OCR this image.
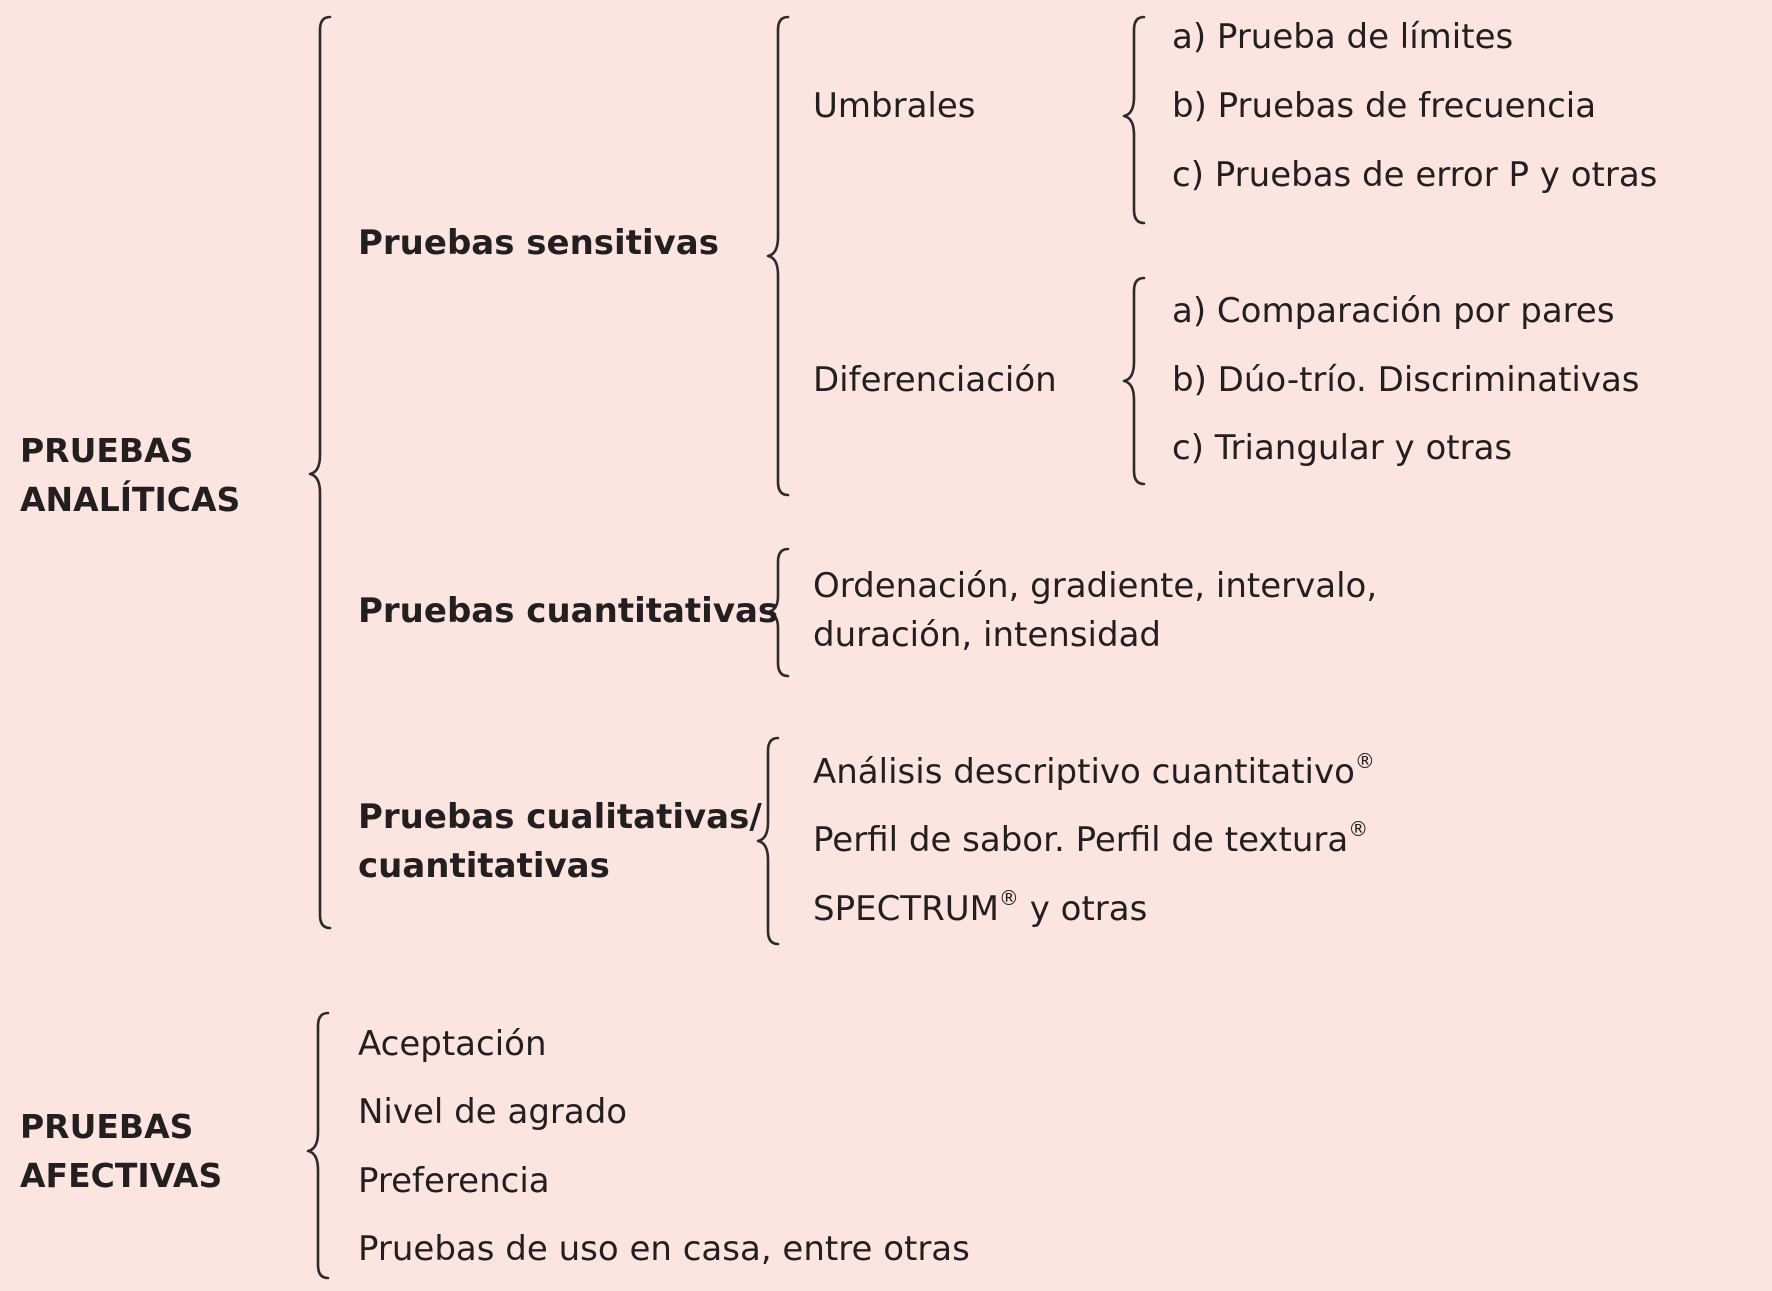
PRUEBAS
ANALÍTICAS
Pruebas sensitivas
Umbrales
a) Prueba de límites
b) Pruebas de frecuencia
c) Pruebas de error P y otras
Diferenciación
a) Comparación por pares
b) Dúo-trío. Discriminativas
c) Triangular y otras
Pruebas cuantitativas
Ordenación, gradiente, intervalo,
duración, intensidad
Pruebas cualitativas/
cuantitativas
Análisis descriptivo cuantitativo®
Perfil de sabor. Perfil de textura®
SPECTRUM® y otras
PRUEBAS
AFECTIVAS
Aceptación
Nivel de agrado
Preferencia
Pruebas de uso en casa, entre otras
